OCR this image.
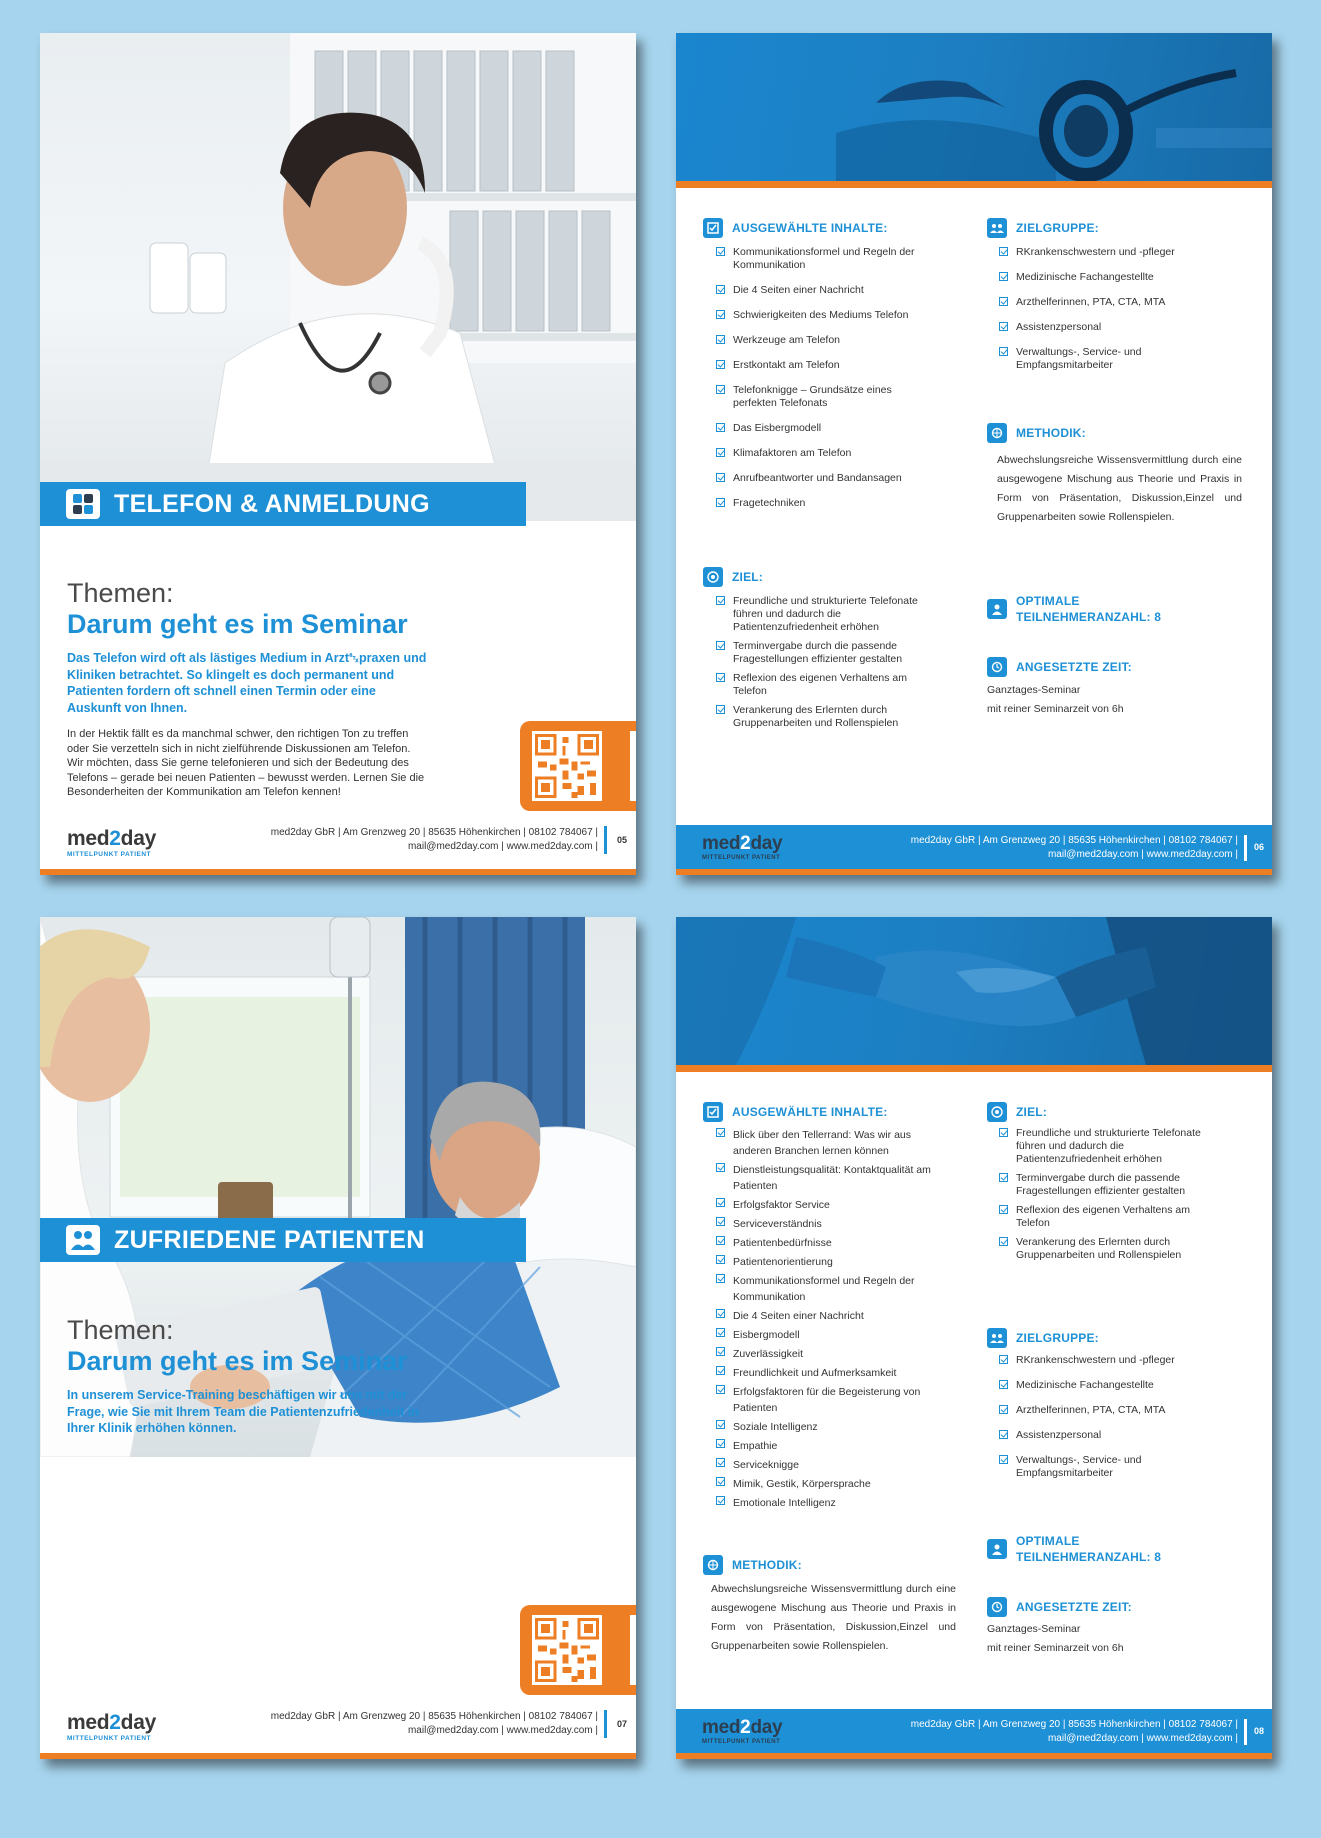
TELEFON & ANMELDUNG
Themen:
Darum geht es im Seminar
Das Telefon wird oft als lästiges Medium in Arzt␂praxen und Kliniken betrachtet. So klingelt es doch permanent und Patienten fordern oft schnell einen Termin oder eine Auskunft von Ihnen.
In der Hektik fällt es da manchmal schwer, den richtigen Ton zu treffen oder Sie verzetteln sich in nicht zielführende Diskussionen am Telefon. Wir möchten, dass Sie gerne telefonieren und sich der Bedeutung des Telefons – gerade bei neuen Patienten – bewusst werden. Lernen Sie die Besonderheiten der Kommunikation am Telefon kennen!
med2day
MITTELPUNKT PATIENT
med2day GbR | Am Grenzweg 20 | 85635 Höhenkirchen | 08102 784067 |
mail@med2day.com | www.med2day.com |
05
AUSGEWÄHLTE INHALTE:
Kommunikationsformel und Regeln der Kommunikation
Die 4 Seiten einer Nachricht
Schwierigkeiten des Mediums Telefon
Werkzeuge am Telefon
Erstkontakt am Telefon
Telefonknigge – Grundsätze eines perfekten Telefonats
Das Eisbergmodell
Klimafaktoren am Telefon
Anrufbeantworter und Bandansagen
Fragetechniken
ZIEL:
Freundliche und strukturierte Telefonate führen und dadurch die Patientenzufriedenheit erhöhen
Terminvergabe durch die passende Fragestellungen effizienter gestalten
Reflexion des eigenen Verhaltens am Telefon
Verankerung des Erlernten durch Gruppenarbeiten und Rollenspielen
ZIELGRUPPE:
RKrankenschwestern und -pfleger
Medizinische Fachangestellte
Arzthelferinnen, PTA, CTA, MTA
Assistenzpersonal
Verwaltungs-, Service- und Empfangsmitarbeiter
METHODIK:
Abwechslungsreiche Wissensvermittlung durch eine ausgewogene Mischung aus Theorie und Praxis in Form von Präsentation, Diskussion,Einzel und Gruppenarbeiten sowie Rollenspielen.
OPTIMALE
TEILNEHMERANZAHL: 8
ANGESETZTE ZEIT:
Ganztages-Seminar
mit reiner Seminarzeit von 6h
med2day
MITTELPUNKT PATIENT
med2day GbR | Am Grenzweg 20 | 85635 Höhenkirchen | 08102 784067 |
mail@med2day.com | www.med2day.com |
06
ZUFRIEDENE PATIENTEN
Themen:
Darum geht es im Seminar
In unserem Service-Training beschäftigen wir uns mit der Frage, wie Sie mit Ihrem Team die Patientenzufriedenheit in Ihrer Klinik erhöhen können.
med2day
MITTELPUNKT PATIENT
med2day GbR | Am Grenzweg 20 | 85635 Höhenkirchen | 08102 784067 |
mail@med2day.com | www.med2day.com |
07
AUSGEWÄHLTE INHALTE:
Blick über den Tellerrand: Was wir aus anderen Branchen lernen können
Dienstleistungsqualität: Kontaktqualität am Patienten
Erfolgsfaktor Service
Serviceverständnis
Patientenbedürfnisse
Patientenorientierung
Kommunikationsformel und Regeln der Kommunikation
Die 4 Seiten einer Nachricht
Eisbergmodell
Zuverlässigkeit
Freundlichkeit und Aufmerksamkeit
Erfolgsfaktoren für die Begeisterung von Patienten
Soziale Intelligenz
Empathie
Serviceknigge
Mimik, Gestik, Körpersprache
Emotionale Intelligenz
METHODIK:
Abwechslungsreiche Wissensvermittlung durch eine ausgewogene Mischung aus Theorie und Praxis in Form von Präsentation, Diskussion,Einzel und Gruppenarbeiten sowie Rollenspielen.
ZIEL:
Freundliche und strukturierte Telefonate führen und dadurch die Patientenzufriedenheit erhöhen
Terminvergabe durch die passende Fragestellungen effizienter gestalten
Reflexion des eigenen Verhaltens am Telefon
Verankerung des Erlernten durch Gruppenarbeiten und Rollenspielen
ZIELGRUPPE:
RKrankenschwestern und -pfleger
Medizinische Fachangestellte
Arzthelferinnen, PTA, CTA, MTA
Assistenzpersonal
Verwaltungs-, Service- und Empfangsmitarbeiter
OPTIMALE
TEILNEHMERANZAHL: 8
ANGESETZTE ZEIT:
Ganztages-Seminar
mit reiner Seminarzeit von 6h
med2day
MITTELPUNKT PATIENT
med2day GbR | Am Grenzweg 20 | 85635 Höhenkirchen | 08102 784067 |
mail@med2day.com | www.med2day.com |
08
